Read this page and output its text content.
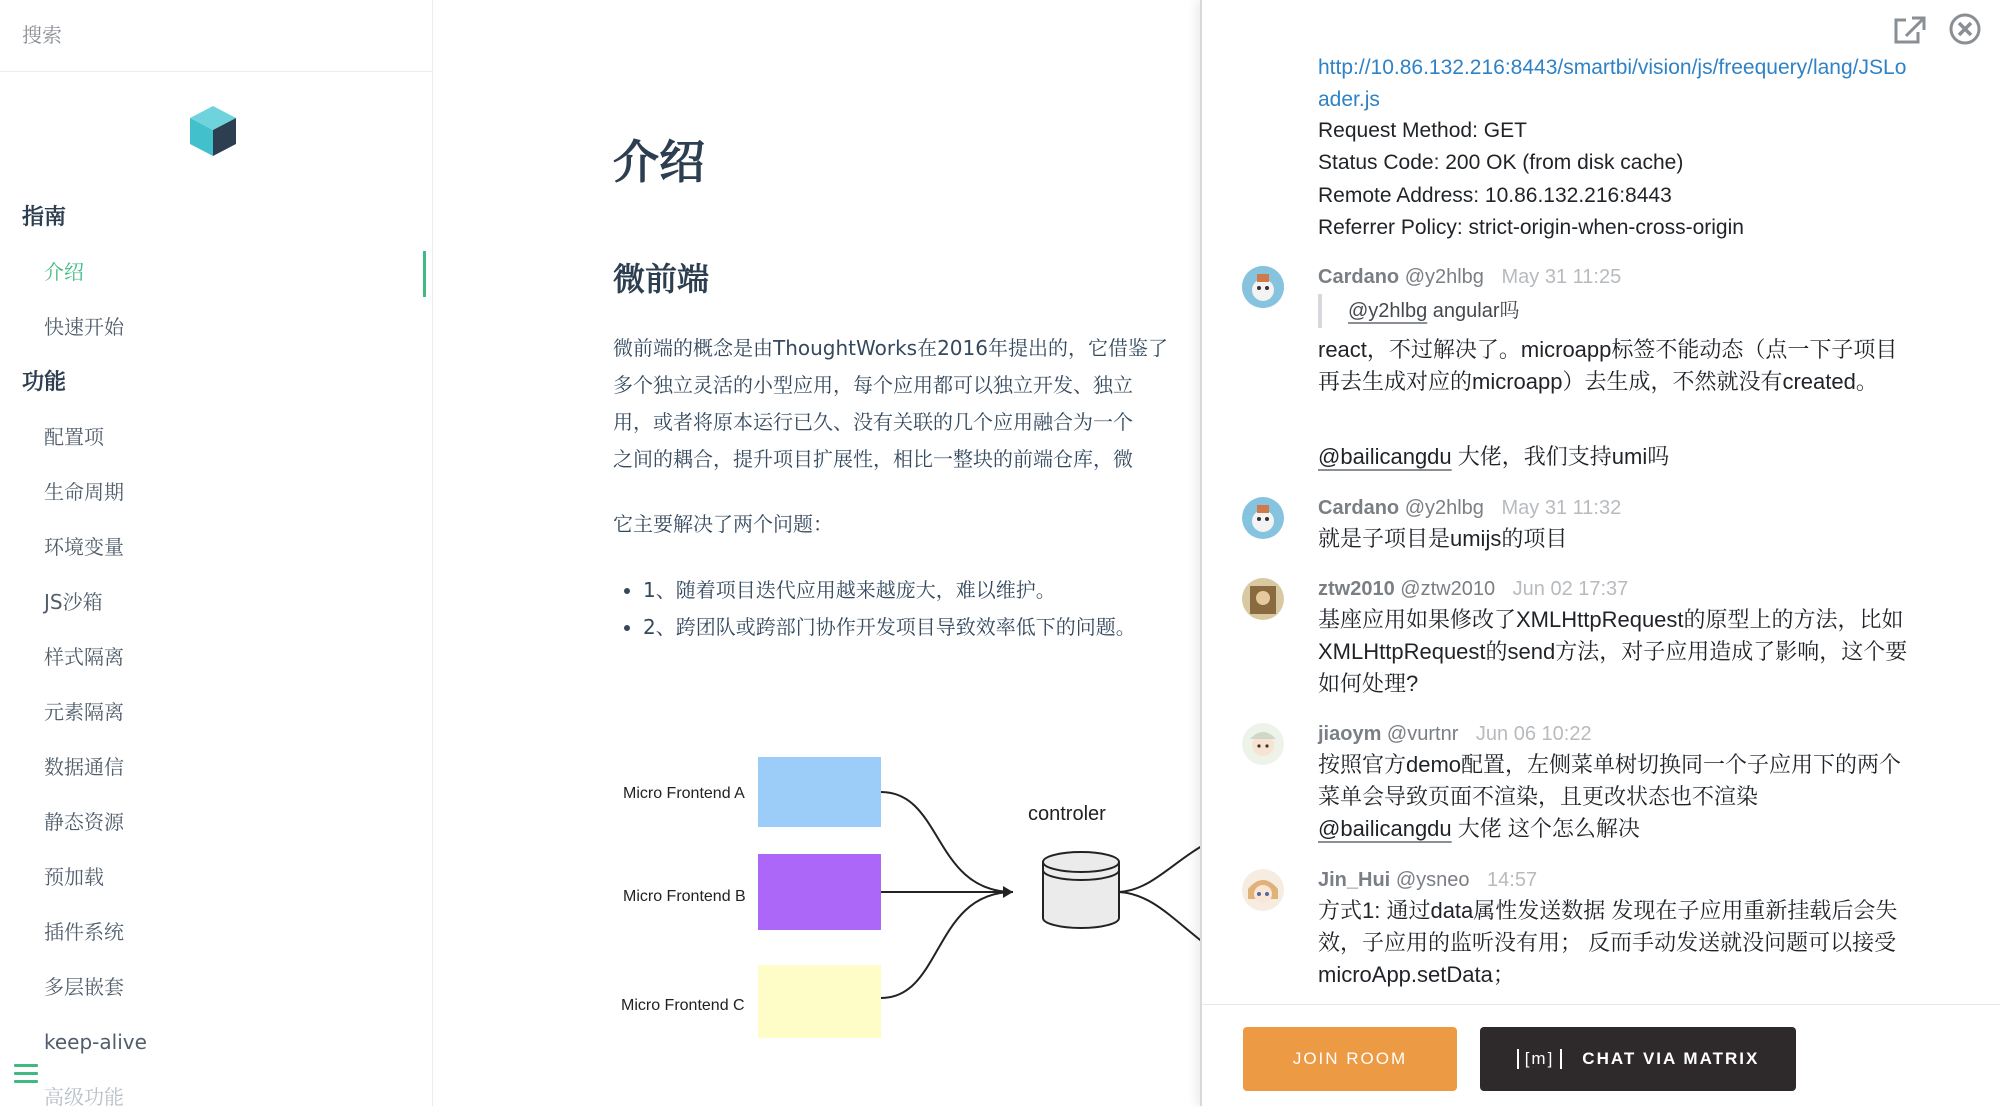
搜索
指南
介绍
快速开始
功能
配置项
生命周期
环境变量
JS沙箱
样式隔离
元素隔离
数据通信
静态资源
预加载
插件系统
多层嵌套
keep-alive
高级功能
介绍
微前端

微前端的概念是由ThoughtWorks在2016年提出的，它借鉴了
多个独立灵活的小型应用，每个应用都可以独立开发、独立
用，或者将原本运行已久、没有关联的几个应用融合为一个
之间的耦合，提升项目扩展性，相比一整块的前端仓库，微

它主要解决了两个问题：

• 1、随着项目迭代应用越来越庞大，难以维护。
• 2、跨团队或跨部门协作开发项目导致效率低下的问题。
Micro Frontend A
Micro Frontend B
Micro Frontend C
controler
http://10.86.132.216:8443/smartbi/vision/js/freequery/lang/JSLoader.js
Request Method: GET
Status Code: 200 OK (from disk cache)
Remote Address: 10.86.132.216:8443
Referrer Policy: strict-origin-when-cross-origin
Cardano @y2hlbg May 31 11:25
@y2hlbg angular吗
react，不过解决了。microapp标签不能动态（点一下子项目再去生成对应的microapp）去生成，不然就没有created。
@bailicangdu 大佬，我们支持umi吗
Cardano @y2hlbg May 31 11:32
就是子项目是umijs的项目
ztw2010 @ztw2010 Jun 02 17:37
基座应用如果修改了XMLHttpRequest的原型上的方法，比如XMLHttpRequest的send方法，对子应用造成了影响，这个要如何处理?
jiaoym @vurtnr Jun 06 10:22
按照官方demo配置，左侧菜单树切换同一个子应用下的两个菜单会导致页面不渲染，且更改状态也不渲染
@bailicangdu 大佬 这个怎么解决
Jin_Hui @ysneo 14:57
方式1: 通过data属性发送数据 发现在子应用重新挂载后会失效，子应用的监听没有用； 反而手动发送就没问题可以接受 microApp.setData；
JOIN ROOM	[m] CHAT VIA MATRIX
